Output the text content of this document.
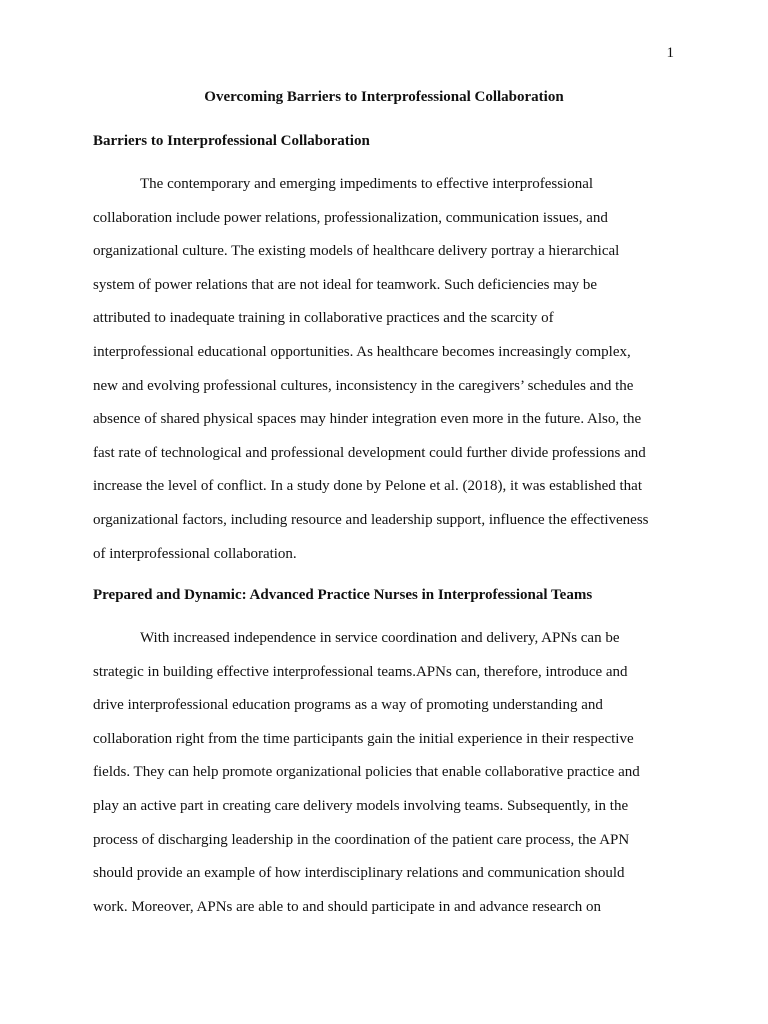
1
Overcoming Barriers to Interprofessional Collaboration
Barriers to Interprofessional Collaboration
The contemporary and emerging impediments to effective interprofessional
collaboration include power relations, professionalization, communication issues, and
organizational culture. The existing models of healthcare delivery portray a hierarchical
system of power relations that are not ideal for teamwork. Such deficiencies may be
attributed to inadequate training in collaborative practices and the scarcity of
interprofessional educational opportunities. As healthcare becomes increasingly complex,
new and evolving professional cultures, inconsistency in the caregivers’ schedules and the
absence of shared physical spaces may hinder integration even more in the future. Also, the
fast rate of technological and professional development could further divide professions and
increase the level of conflict. In a study done by Pelone et al. (2018), it was established that
organizational factors, including resource and leadership support, influence the effectiveness
of interprofessional collaboration.
Prepared and Dynamic: Advanced Practice Nurses in Interprofessional Teams
With increased independence in service coordination and delivery, APNs can be
strategic in building effective interprofessional teams.APNs can, therefore, introduce and
drive interprofessional education programs as a way of promoting understanding and
collaboration right from the time participants gain the initial experience in their respective
fields. They can help promote organizational policies that enable collaborative practice and
play an active part in creating care delivery models involving teams. Subsequently, in the
process of discharging leadership in the coordination of the patient care process, the APN
should provide an example of how interdisciplinary relations and communication should
work. Moreover, APNs are able to and should participate in and advance research on
